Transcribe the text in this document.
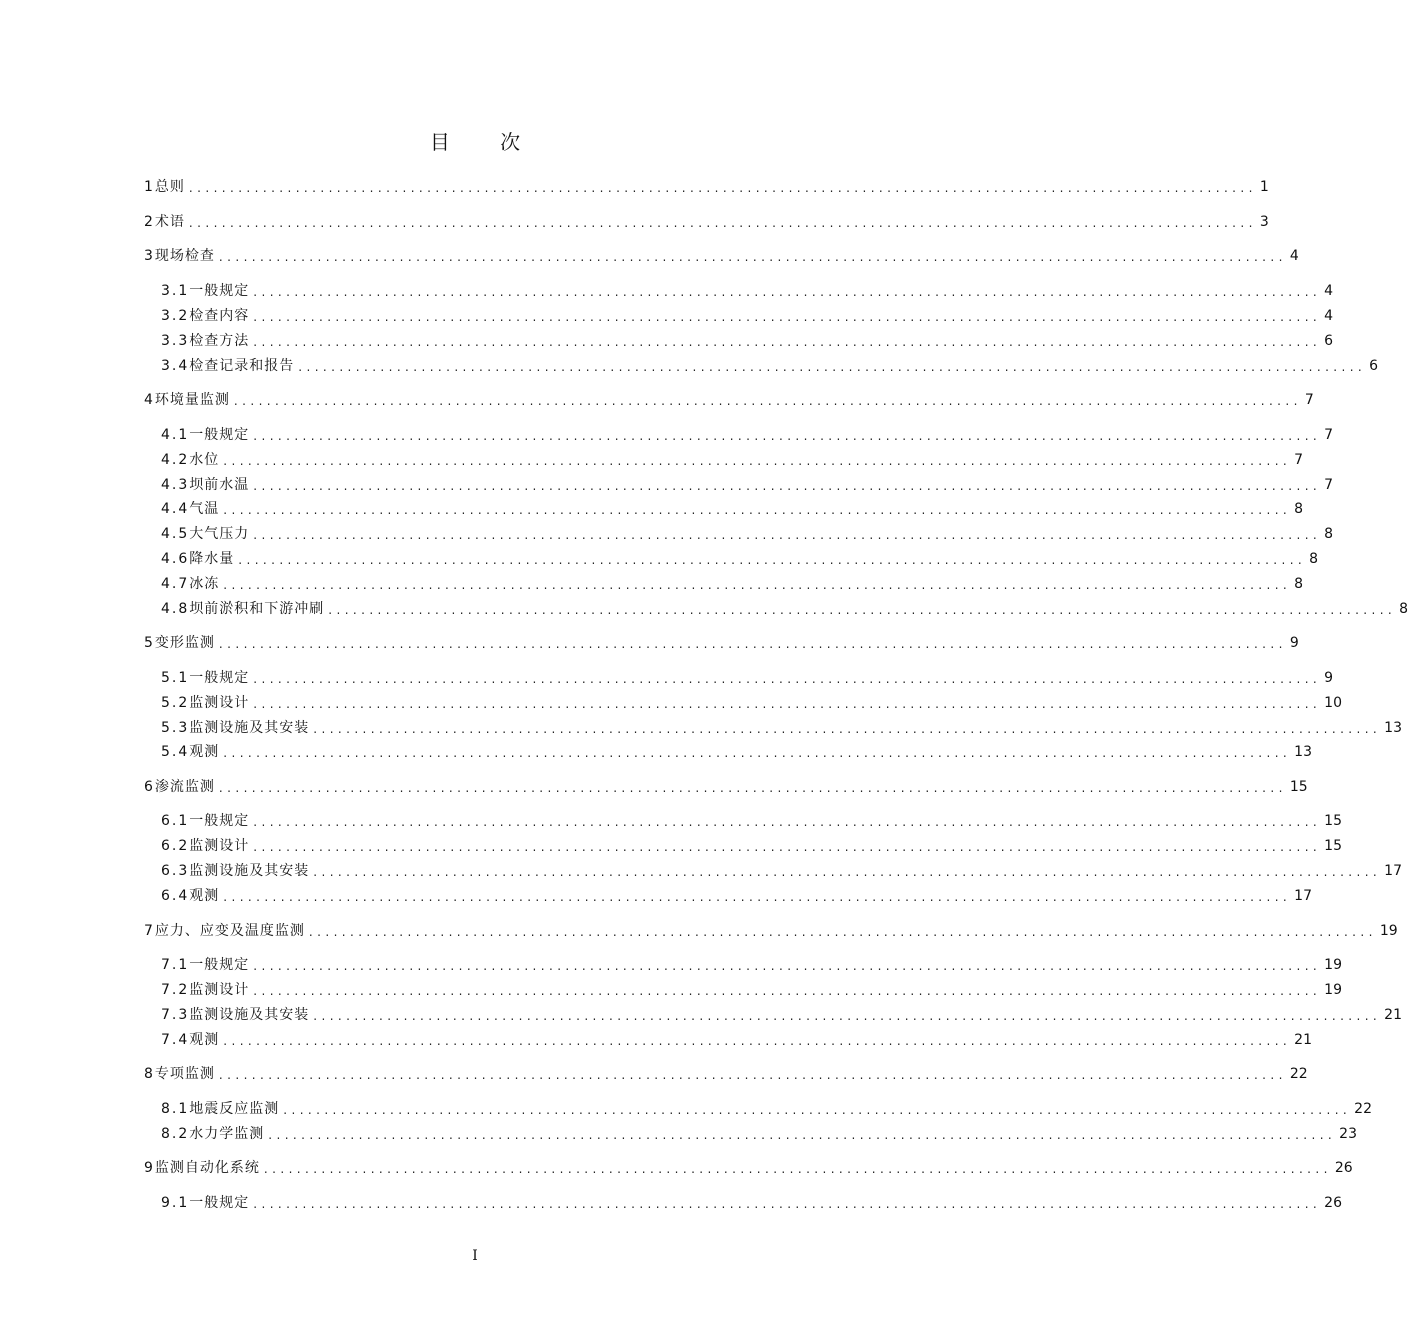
目 次
1 总则 .................................................................................................................................. 1
2 术语 .................................................................................................................................. 3
3 现场检查 .................................................................................................................................. 4
3.1 一般规定 .................................................................................................................................. 4
3.2 检查内容 .................................................................................................................................. 4
3.3 检查方法 .................................................................................................................................. 6
3.4 检查记录和报告 .................................................................................................................................. 6
4 环境量监测 .................................................................................................................................. 7
4.1 一般规定 .................................................................................................................................. 7
4.2 水位 .................................................................................................................................. 7
4.3 坝前水温 .................................................................................................................................. 7
4.4 气温 .................................................................................................................................. 8
4.5 大气压力 .................................................................................................................................. 8
4.6 降水量 .................................................................................................................................. 8
4.7 冰冻 .................................................................................................................................. 8
4.8 坝前淤积和下游冲刷 .................................................................................................................................. 8
5 变形监测 .................................................................................................................................. 9
5.1 一般规定 .................................................................................................................................. 9
5.2 监测设计 .................................................................................................................................. 10
5.3 监测设施及其安装 .................................................................................................................................. 13
5.4 观测 .................................................................................................................................. 13
6 渗流监测 .................................................................................................................................. 15
6.1 一般规定 .................................................................................................................................. 15
6.2 监测设计 .................................................................................................................................. 15
6.3 监测设施及其安装 .................................................................................................................................. 17
6.4 观测 .................................................................................................................................. 17
7 应力、应变及温度监测 .................................................................................................................................. 19
7.1 一般规定 .................................................................................................................................. 19
7.2 监测设计 .................................................................................................................................. 19
7.3 监测设施及其安装 .................................................................................................................................. 21
7.4 观测 .................................................................................................................................. 21
8 专项监测 .................................................................................................................................. 22
8.1 地震反应监测 .................................................................................................................................. 22
8.2 水力学监测 .................................................................................................................................. 23
9 监测自动化系统 .................................................................................................................................. 26
9.1 一般规定 .................................................................................................................................. 26
I
